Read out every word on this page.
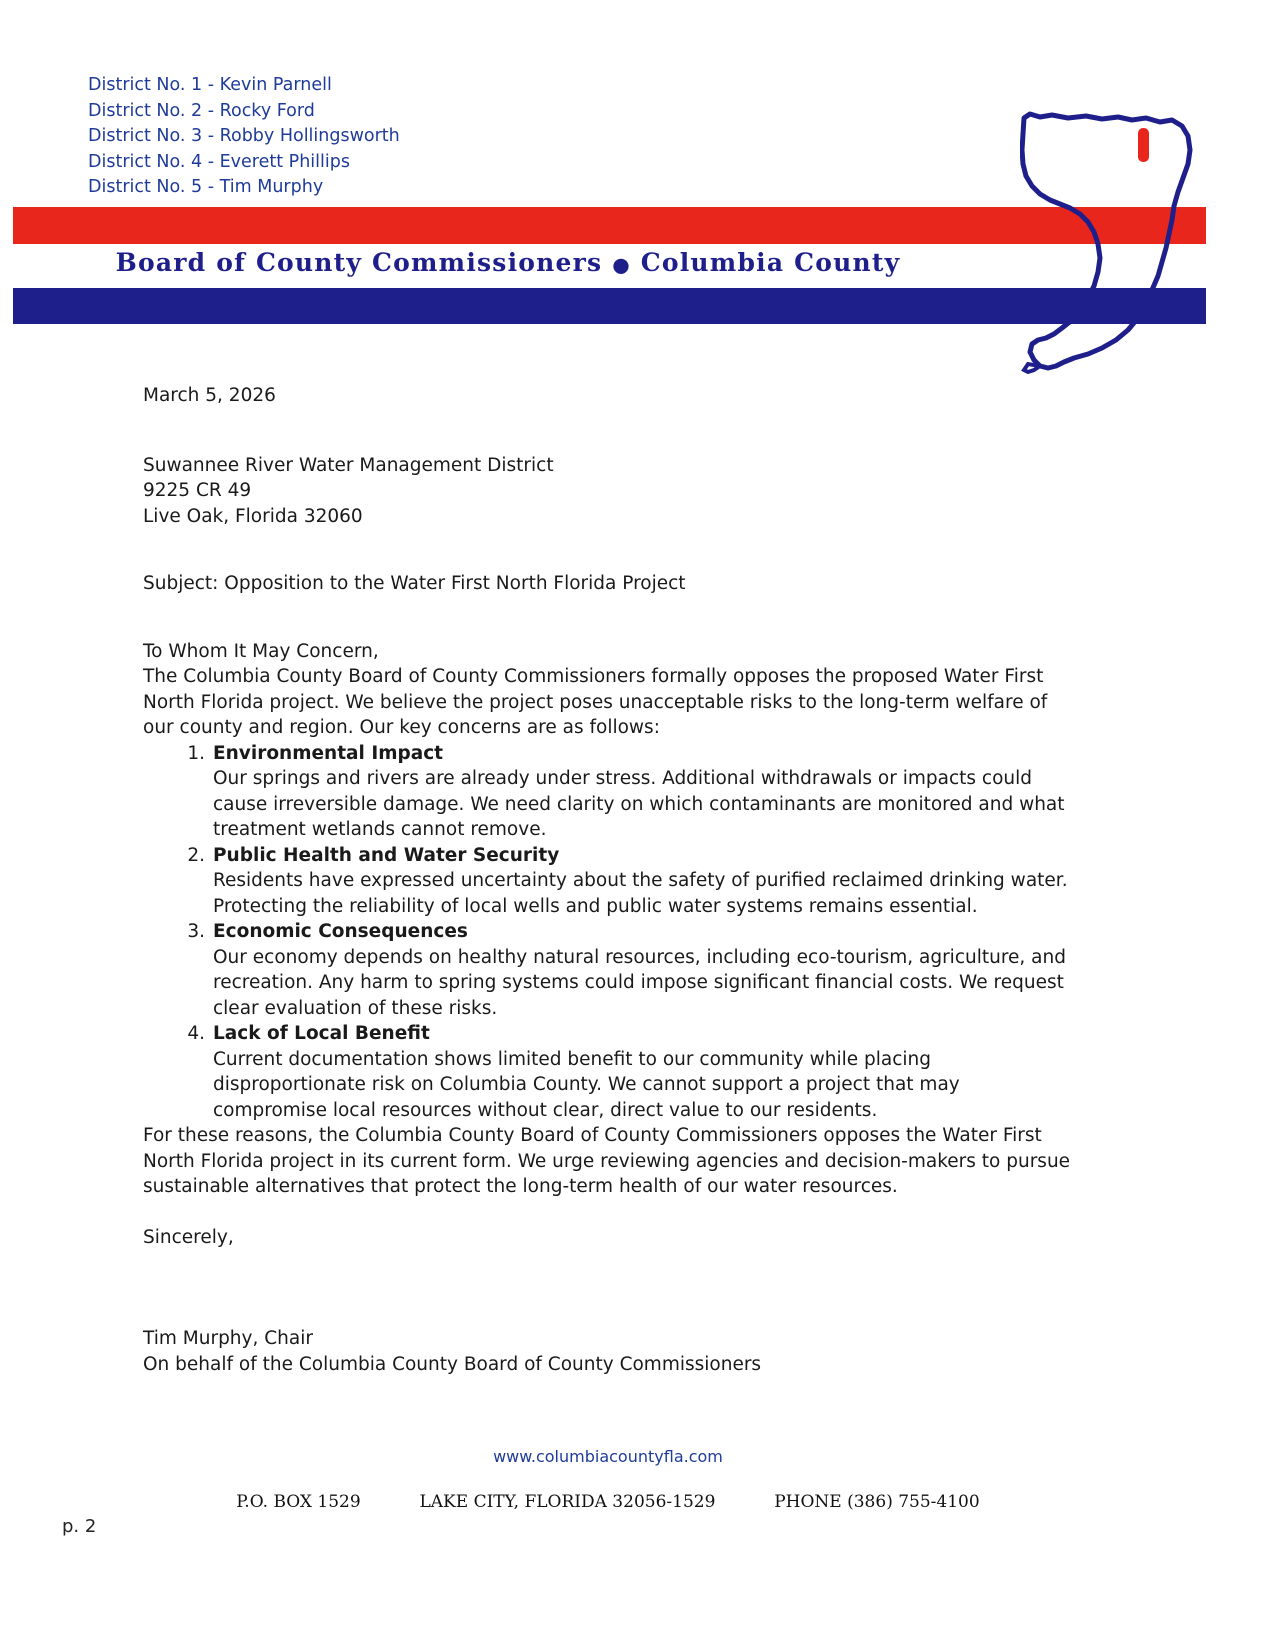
District No. 1 - Kevin Parnell
District No. 2 - Rocky Ford
District No. 3 - Robby Hollingsworth
District No. 4 - Everett Phillips
District No. 5 - Tim Murphy
Board of County Commissioners ● Columbia County
March 5, 2026
Suwannee River Water Management District
9225 CR 49
Live Oak, Florida 32060
Subject: Opposition to the Water First North Florida Project
To Whom It May Concern,

The Columbia County Board of County Commissioners formally opposes the proposed Water First North Florida project. We believe the project poses unacceptable risks to the long-term welfare of our county and region. Our key concerns are as follows:

1. Environmental Impact
Our springs and rivers are already under stress. Additional withdrawals or impacts could cause irreversible damage. We need clarity on which contaminants are monitored and what treatment wetlands cannot remove.
2. Public Health and Water Security
Residents have expressed uncertainty about the safety of purified reclaimed drinking water. Protecting the reliability of local wells and public water systems remains essential.
3. Economic Consequences
Our economy depends on healthy natural resources, including eco-tourism, agriculture, and recreation. Any harm to spring systems could impose significant financial costs. We request clear evaluation of these risks.
4. Lack of Local Benefit
Current documentation shows limited benefit to our community while placing disproportionate risk on Columbia County. We cannot support a project that may compromise local resources without clear, direct value to our residents.

For these reasons, the Columbia County Board of County Commissioners opposes the Water First North Florida project in its current form. We urge reviewing agencies and decision-makers to pursue sustainable alternatives that protect the long-term health of our water resources.

Sincerely,
Tim Murphy, Chair
On behalf of the Columbia County Board of County Commissioners
www.columbiacountyfla.com
P.O. BOX 1529	LAKE CITY, FLORIDA 32056-1529	PHONE (386) 755-4100
p. 2
